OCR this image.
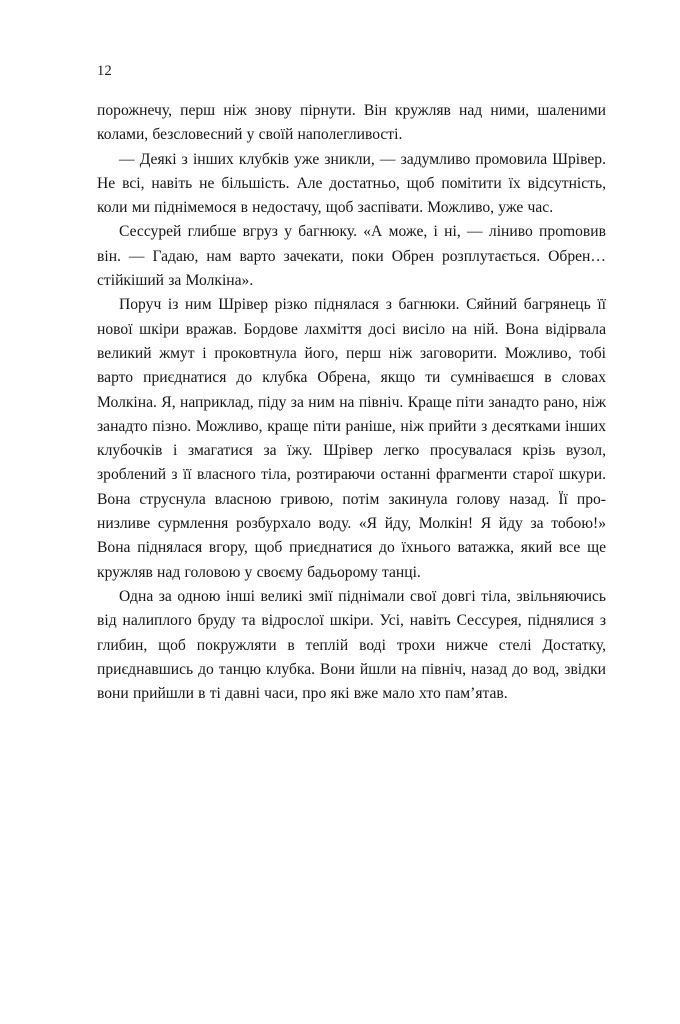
12

порожнечу, перш ніж знову пірнути. Він кружляв над ними, шаленими колами, безсловесний у своїй наполегливості.

— Деякі з інших клубків уже зникли, — задумливо промовила Шрівер. Не всі, навіть не більшість. Але достатньо, щоб помітити їх відсутність, коли ми піднімемося в недостачу, щоб заспівати. Можливо, уже час.

Сессурей глибше вгруз у багнюку. «А може, і ні, — ліниво проmовив він. — Гадаю, нам варто зачекати, поки Обрен розплутається. Обрен… стійкіший за Молкіна».

Поруч із ним Шрівер різко піднялася з багнюки. Сяйний багрянець її нової шкіри вражав. Бордове лахміття досі висіло на ній. Вона відірвала великий жмут і проковтнула його, перш ніж заговорити. Можливо, тобі варто приєднатися до клубка Обрена, якщо ти сумніваєшся в словах Молкіна. Я, наприклад, піду за ним на північ. Краще піти занадто рано, ніж занадто пізно. Можливо, краще піти раніше, ніж прийти з десятками інших клубочків і змагатися за їжу. Шрівер легко просувалася крізь вузол, зроблений з її власного тіла, розтираючи останні фрагменти старої шкури. Вона струснула власною гривою, потім закинула голову назад. Її пронизливе сурмлення розбурхало воду. «Я йду, Молкін! Я йду за тобою!» Вона піднялася вгору, щоб приєднатися до їхнього ватажка, який все ще кружляв над головою у своєму бадьорому танці.

Одна за одною інші великі змії піднімали свої довгі тіла, звільняючись від налиплого бруду та відрослої шкіри. Усі, навіть Сессурея, піднялися з глибин, щоб покружляти в теплій воді трохи нижче стелі Достатку, приєднавшись до танцю клубка. Вони йшли на північ, назад до вод, звідки вони прийшли в ті давні часи, про які вже мало хто пам’ятав.
